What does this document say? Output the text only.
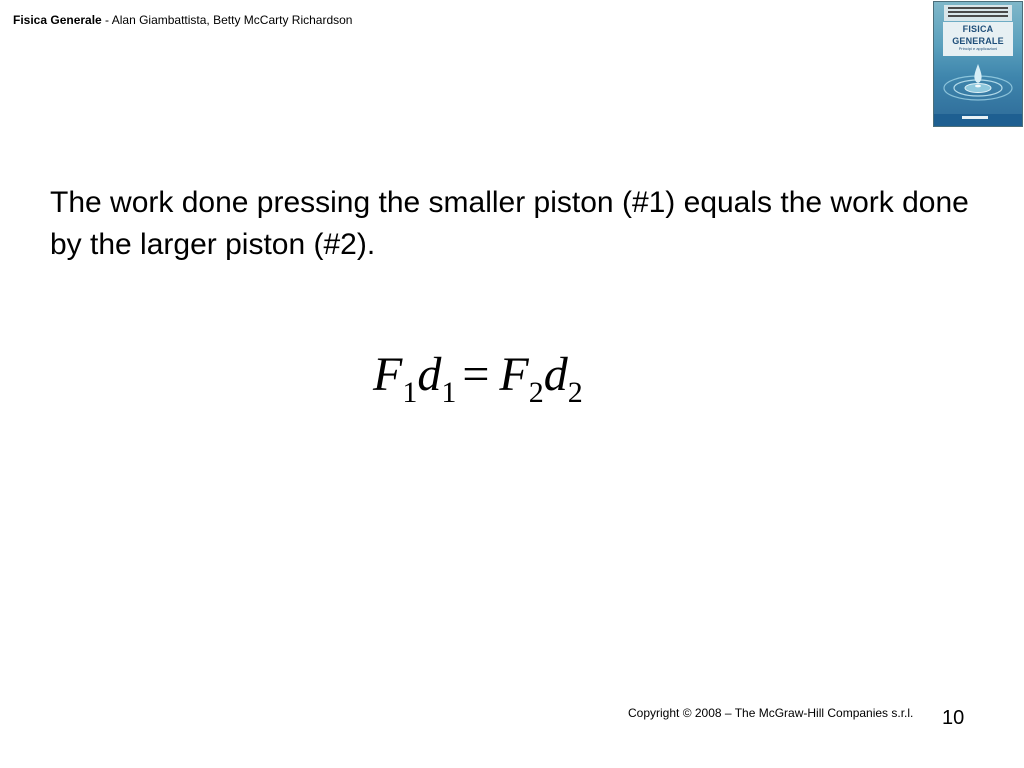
Fisica Generale - Alan Giambattista, Betty McCarty Richardson
FISICA
GENERALE
Principi e applicazioni
The work done pressing the smaller piston (#1) equals the work done by the larger piston (#2).
$F_1d_1 = F_2d_2$
Copyright © 2008 – The McGraw-Hill Companies s.r.l. 10
